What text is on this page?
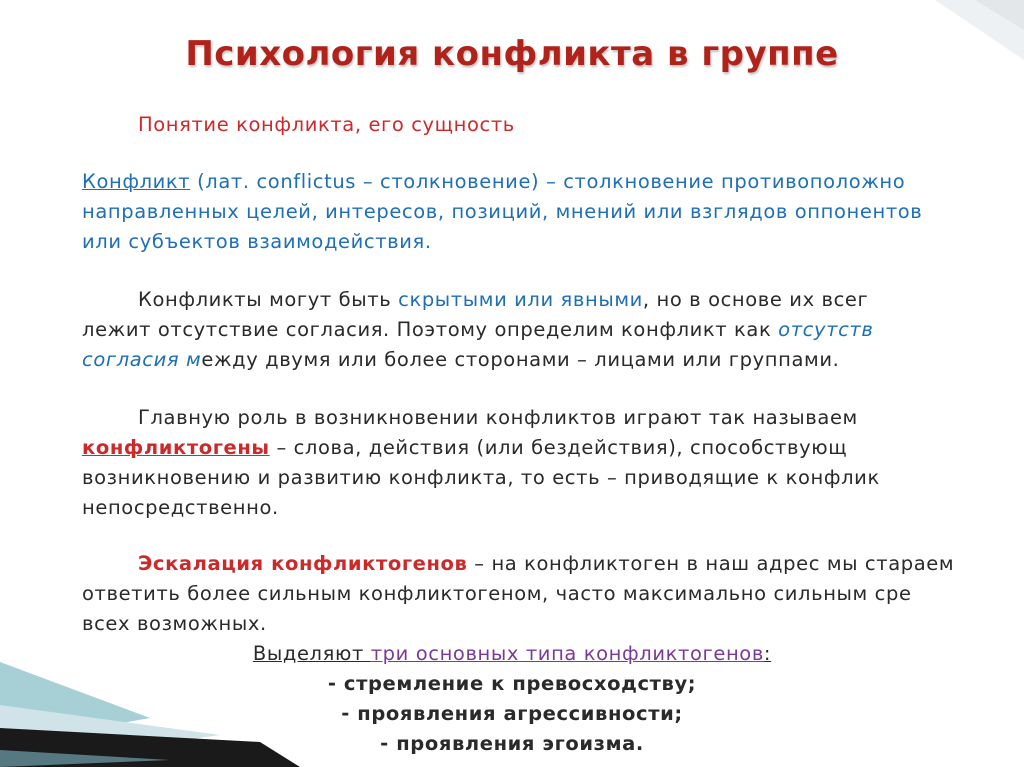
Психология конфликта в группе
Понятие конфликта, его сущность
Конфликт (лат. conflictus – столкновение) – столкновение противоположно
направленных целей, интересов, позиций, мнений или взглядов оппонентов
или субъектов взаимодействия.
Конфликты могут быть скрытыми или явными, но в основе их всег
лежит отсутствие согласия. Поэтому определим конфликт как отсутств
согласия между двумя или более сторонами – лицами или группами.
Главную роль в возникновении конфликтов играют так называем
конфликтогены – слова, действия (или бездействия), способствующ
возникновению и развитию конфликта, то есть – приводящие к конфлик
непосредственно.
Эскалация конфликтогенов – на конфликтоген в наш адрес мы стараем
ответить более сильным конфликтогеном, часто максимально сильным сре
всех возможных.
Выделяют три основных типа конфликтогенов:
- стремление к превосходству;
- проявления агрессивности;
- проявления эгоизма.
